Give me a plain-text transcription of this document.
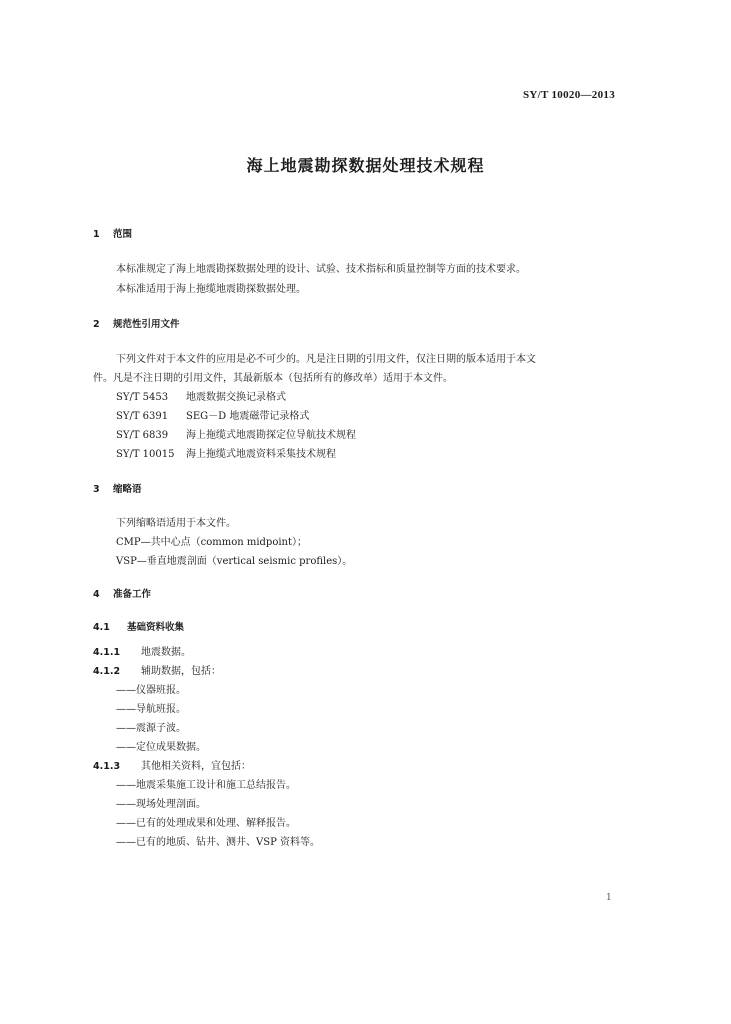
SY/T 10020—2013
海上地震勘探数据处理技术规程
1 范围
本标准规定了海上地震勘探数据处理的设计、试验、技术指标和质量控制等方面的技术要求。
本标准适用于海上拖缆地震勘探数据处理。
2 规范性引用文件
下列文件对于本文件的应用是必不可少的。凡是注日期的引用文件，仅注日期的版本适用于本文
件。凡是不注日期的引用文件，其最新版本（包括所有的修改单）适用于本文件。
SY/T 5453 地震数据交换记录格式
SY/T 6391 SEG－D 地震磁带记录格式
SY/T 6839 海上拖缆式地震勘探定位导航技术规程
SY/T 10015 海上拖缆式地震资料采集技术规程
3 缩略语
下列缩略语适用于本文件。
CMP—共中心点（common midpoint）；
VSP—垂直地震剖面（vertical seismic profiles）。
4 准备工作
4.1 基础资料收集
4.1.1 地震数据。
4.1.2 辅助数据，包括：
——仪器班报。
——导航班报。
——震源子波。
——定位成果数据。
4.1.3 其他相关资料，宜包括：
——地震采集施工设计和施工总结报告。
——现场处理剖面。
——已有的处理成果和处理、解释报告。
——已有的地质、钻井、测井、VSP 资料等。
1
